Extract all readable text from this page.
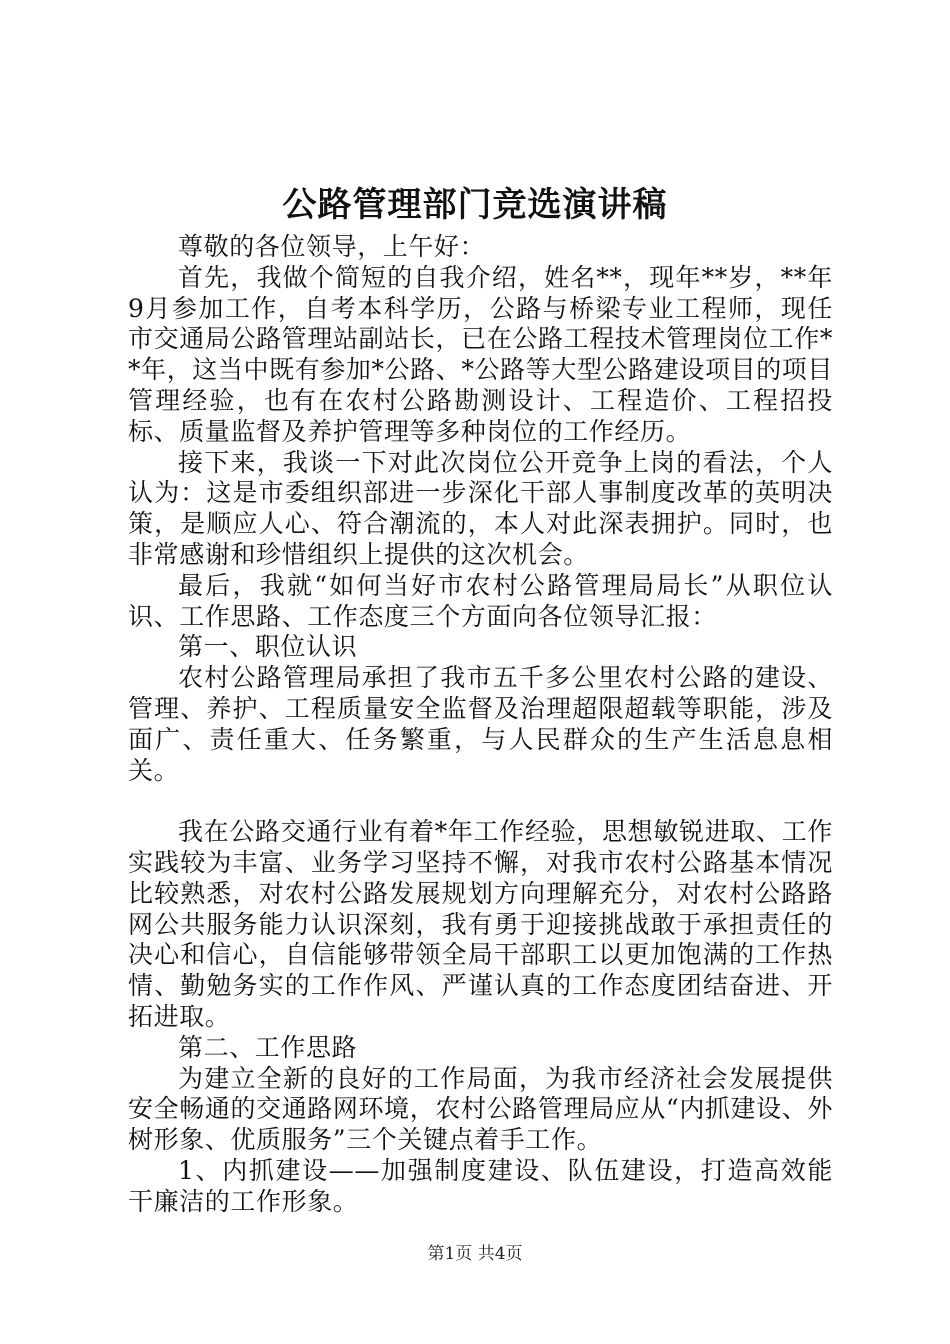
公路管理部门竞选演讲稿

尊敬的各位领导，上午好：

首先，我做个简短的自我介绍，姓名**，现年**岁，**年9月参加工作，自考本科学历，公路与桥梁专业工程师，现任市交通局公路管理站副站长，已在公路工程技术管理岗位工作**年，这当中既有参加*公路、*公路等大型公路建设项目的项目管理经验，也有在农村公路勘测设计、工程造价、工程招投标、质量监督及养护管理等多种岗位的工作经历。

接下来，我谈一下对此次岗位公开竞争上岗的看法，个人认为：这是市委组织部进一步深化干部人事制度改革的英明决策，是顺应人心、符合潮流的，本人对此深表拥护。同时，也非常感谢和珍惜组织上提供的这次机会。

最后，我就“如何当好市农村公路管理局局长”从职位认识、工作思路、工作态度三个方面向各位领导汇报：

第一、职位认识

农村公路管理局承担了我市五千多公里农村公路的建设、管理、养护、工程质量安全监督及治理超限超载等职能，涉及面广、责任重大、任务繁重，与人民群众的生产生活息息相关。

我在公路交通行业有着*年工作经验，思想敏锐进取、工作实践较为丰富、业务学习坚持不懈，对我市农村公路基本情况比较熟悉，对农村公路发展规划方向理解充分，对农村公路路网公共服务能力认识深刻，我有勇于迎接挑战敢于承担责任的决心和信心，自信能够带领全局干部职工以更加饱满的工作热情、勤勉务实的工作作风、严谨认真的工作态度团结奋进、开拓进取。

第二、工作思路

为建立全新的良好的工作局面，为我市经济社会发展提供安全畅通的交通路网环境，农村公路管理局应从“内抓建设、外树形象、优质服务”三个关键点着手工作。

1、内抓建设——加强制度建设、队伍建设，打造高效能干廉洁的工作形象。

第1页 共4页
